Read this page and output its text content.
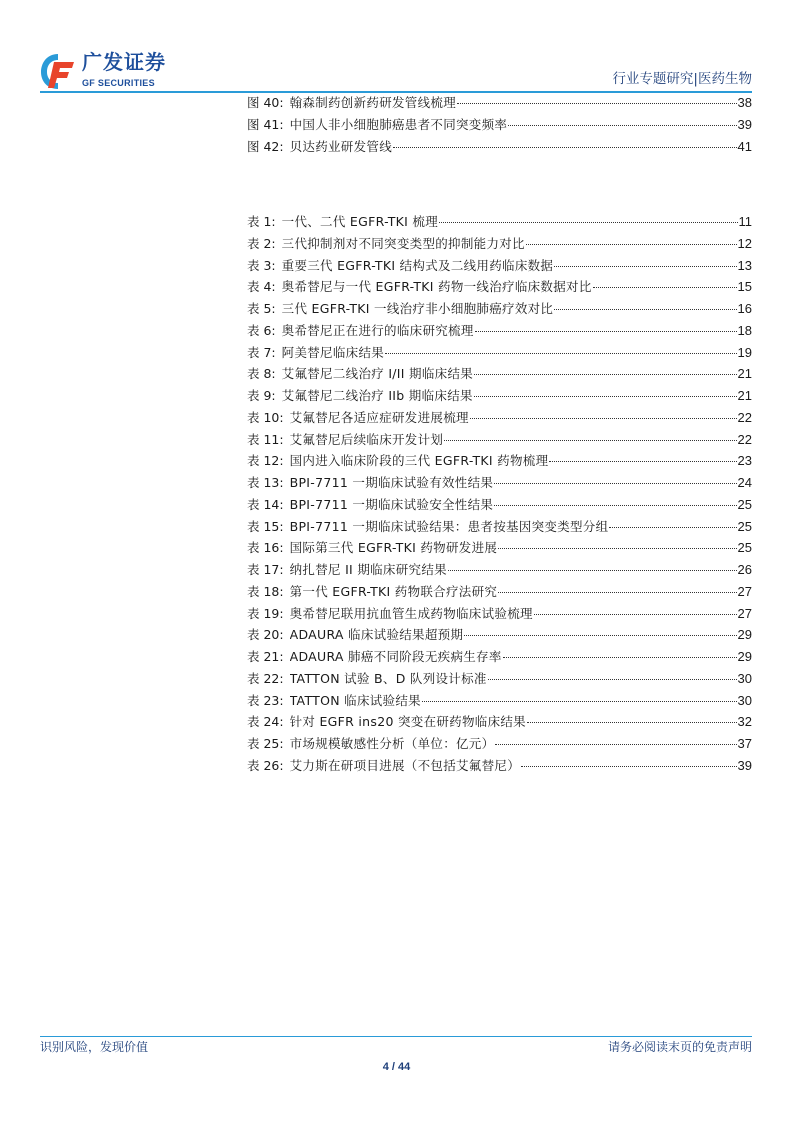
广发证券
GF SECURITIES	行业专题研究|医药生物
图 40: 翰森制药创新药研发管线梳理	38
图 41: 中国人非小细胞肺癌患者不同突变频率	39
图 42: 贝达药业研发管线	41
表 1: 一代、二代 EGFR-TKI 梳理	11
表 2: 三代抑制剂对不同突变类型的抑制能力对比	12
表 3: 重要三代 EGFR-TKI 结构式及二线用药临床数据	13
表 4: 奥希替尼与一代 EGFR-TKI 药物一线治疗临床数据对比	15
表 5: 三代 EGFR-TKI 一线治疗非小细胞肺癌疗效对比	16
表 6: 奥希替尼正在进行的临床研究梳理	18
表 7: 阿美替尼临床结果	19
表 8: 艾氟替尼二线治疗 I/II 期临床结果	21
表 9: 艾氟替尼二线治疗 IIb 期临床结果	21
表 10: 艾氟替尼各适应症研发进展梳理	22
表 11: 艾氟替尼后续临床开发计划	22
表 12: 国内进入临床阶段的三代 EGFR-TKI 药物梳理	23
表 13: BPI-7711 一期临床试验有效性结果	24
表 14: BPI-7711 一期临床试验安全性结果	25
表 15: BPI-7711 一期临床试验结果：患者按基因突变类型分组	25
表 16: 国际第三代 EGFR-TKI 药物研发进展	25
表 17: 纳扎替尼 II 期临床研究结果	26
表 18: 第一代 EGFR-TKI 药物联合疗法研究	27
表 19: 奥希替尼联用抗血管生成药物临床试验梳理	27
表 20: ADAURA 临床试验结果超预期	29
表 21: ADAURA 肺癌不同阶段无疾病生存率	29
表 22: TATTON 试验 B、D 队列设计标准	30
表 23: TATTON 临床试验结果	30
表 24: 针对 EGFR ins20 突变在研药物临床结果	32
表 25: 市场规模敏感性分析（单位：亿元）	37
表 26: 艾力斯在研项目进展（不包括艾氟替尼）	39
识别风险，发现价值	请务必阅读末页的免责声明
4 / 44
